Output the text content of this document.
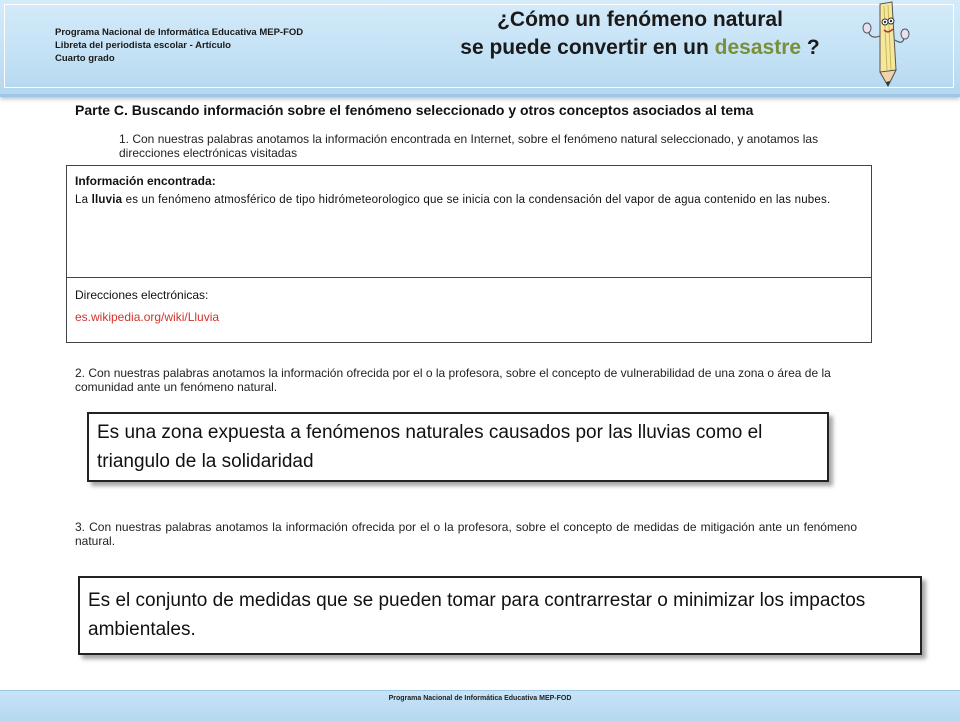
Programa Nacional de Informática Educativa MEP-FOD
Libreta del periodista escolar - Artículo
Cuarto grado
¿Cómo un fenómeno natural
se puede convertir en un desastre ?
Parte C. Buscando información sobre el fenómeno seleccionado y otros conceptos asociados al tema
1. Con nuestras palabras anotamos la información encontrada en Internet, sobre el fenómeno natural seleccionado, y anotamos las direcciones electrónicas visitadas
Información encontrada:
La lluvia es un fenómeno atmosférico de tipo hidrómeteorologico que se inicia con la condensación del vapor de agua contenido en las nubes.
Direcciones electrónicas:
es.wikipedia.org/wiki/Lluvia
2. Con nuestras palabras anotamos la información ofrecida por el o la profesora, sobre el concepto de vulnerabilidad de una zona o área de la comunidad ante un fenómeno natural.
Es una zona expuesta a fenómenos naturales causados por las lluvias como el triangulo de la solidaridad
3. Con nuestras palabras anotamos la información ofrecida por el o la profesora, sobre el concepto de medidas de mitigación ante un fenómeno natural.
Es el conjunto de medidas que se pueden tomar para contrarrestar o minimizar los impactos ambientales.
Programa Nacional de Informática Educativa MEP-FOD
